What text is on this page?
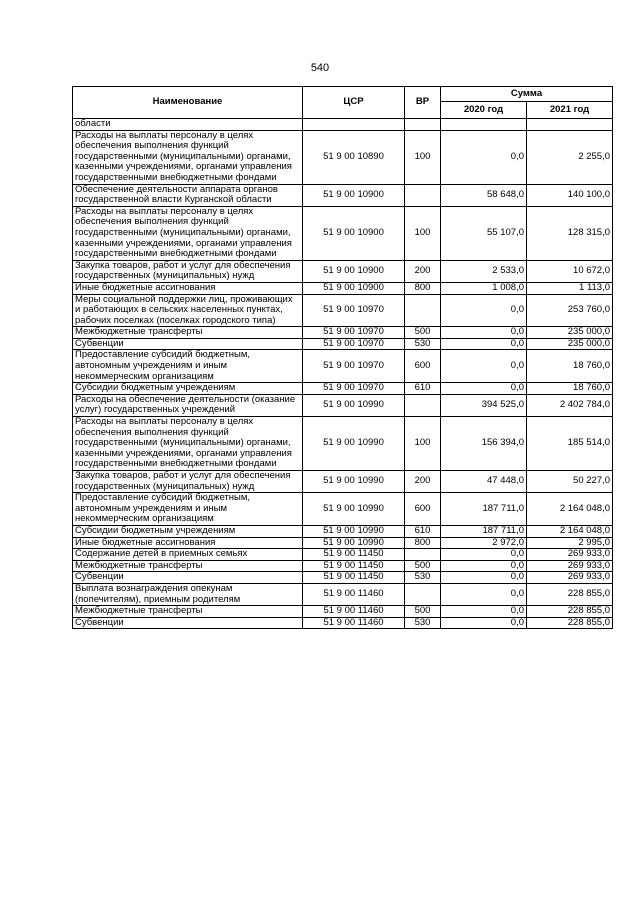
540
Наименование	ЦСР	ВР	Сумма	
			2020 год	2021 год
области				
Расходы на выплаты персоналу в целях обеспечения выполнения функций государственными (муниципальными) органами, казенными учреждениями, органами управления государственными внебюджетными фондами	51 9 00 10890	100	0,0	2 255,0
Обеспечение деятельности аппарата органов государственной власти Курганской области	51 9 00 10900		58 648,0	140 100,0
Расходы на выплаты персоналу в целях обеспечения выполнения функций государственными (муниципальными) органами, казенными учреждениями, органами управления государственными внебюджетными фондами	51 9 00 10900	100	55 107,0	128 315,0
Закупка товаров, работ и услуг для обеспечения государственных (муниципальных) нужд	51 9 00 10900	200	2 533,0	10 672,0
Иные бюджетные ассигнования	51 9 00 10900	800	1 008,0	1 113,0
Меры социальной поддержки лиц, проживающих и работающих в сельских населенных пунктах, рабочих поселках (поселках городского типа)	51 9 00 10970		0,0	253 760,0
Межбюджетные трансферты	51 9 00 10970	500	0,0	235 000,0
Субвенции	51 9 00 10970	530	0,0	235 000,0
Предоставление субсидий бюджетным, автономным учреждениям и иным некоммерческим организациям	51 9 00 10970	600	0,0	18 760,0
Субсидии бюджетным учреждениям	51 9 00 10970	610	0,0	18 760,0
Расходы на обеспечение деятельности (оказание услуг) государственных учреждений	51 9 00 10990		394 525,0	2 402 784,0
Расходы на выплаты персоналу в целях обеспечения выполнения функций государственными (муниципальными) органами, казенными учреждениями, органами управления государственными внебюджетными фондами	51 9 00 10990	100	156 394,0	185 514,0
Закупка товаров, работ и услуг для обеспечения государственных (муниципальных) нужд	51 9 00 10990	200	47 448,0	50 227,0
Предоставление субсидий бюджетным, автономным учреждениям и иным некоммерческим организациям	51 9 00 10990	600	187 711,0	2 164 048,0
Субсидии бюджетным учреждениям	51 9 00 10990	610	187 711,0	2 164 048,0
Иные бюджетные ассигнования	51 9 00 10990	800	2 972,0	2 995,0
Содержание детей в приемных семьях	51 9 00 11450		0,0	269 933,0
Межбюджетные трансферты	51 9 00 11450	500	0,0	269 933,0
Субвенции	51 9 00 11450	530	0,0	269 933,0
Выплата вознаграждения опекунам (попечителям), приемным родителям	51 9 00 11460		0,0	228 855,0
Межбюджетные трансферты	51 9 00 11460	500	0,0	228 855,0
Субвенции	51 9 00 11460	530	0,0	228 855,0
